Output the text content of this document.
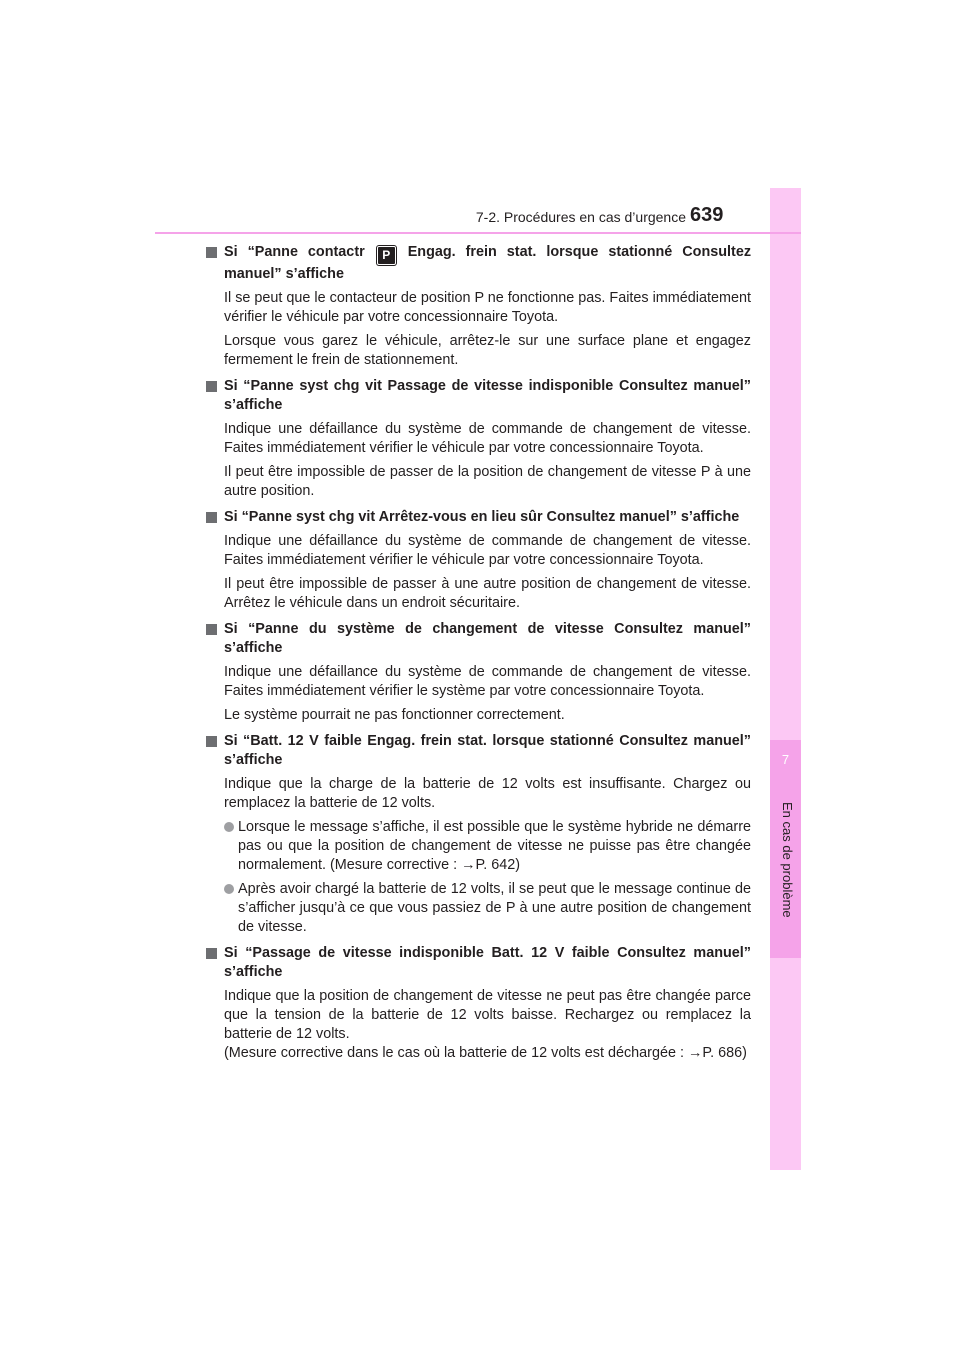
7
En cas de problème
7-2. Procédures en cas d’urgence 639
Si “Panne contactr P Engag. frein stat. lorsque stationné Consultez manuel” s’affiche
Il se peut que le contacteur de position P ne fonctionne pas. Faites immédiatement vérifier le véhicule par votre concessionnaire Toyota.
Lorsque vous garez le véhicule, arrêtez-le sur une surface plane et engagez fermement le frein de stationnement.
Si “Panne syst chg vit Passage de vitesse indisponible Consultez manuel” s’affiche
Indique une défaillance du système de commande de changement de vitesse. Faites immédiatement vérifier le véhicule par votre concessionnaire Toyota.
Il peut être impossible de passer de la position de changement de vitesse P à une autre position.
Si “Panne syst chg vit Arrêtez-vous en lieu sûr Consultez manuel” s’affiche
Indique une défaillance du système de commande de changement de vitesse. Faites immédiatement vérifier le véhicule par votre concessionnaire Toyota.
Il peut être impossible de passer à une autre position de changement de vitesse. Arrêtez le véhicule dans un endroit sécuritaire.
Si “Panne du système de changement de vitesse Consultez manuel” s’affiche
Indique une défaillance du système de commande de changement de vitesse. Faites immédiatement vérifier le système par votre concessionnaire Toyota.
Le système pourrait ne pas fonctionner correctement.
Si “Batt. 12 V faible Engag. frein stat. lorsque stationné Consultez manuel” s’affiche
Indique que la charge de la batterie de 12 volts est insuffisante. Chargez ou remplacez la batterie de 12 volts.
Lorsque le message s’affiche, il est possible que le système hybride ne démarre pas ou que la position de changement de vitesse ne puisse pas être changée normalement. (Mesure corrective : →P. 642)
Après avoir chargé la batterie de 12 volts, il se peut que le message continue de s’afficher jusqu’à ce que vous passiez de P à une autre position de changement de vitesse.
Si “Passage de vitesse indisponible Batt. 12 V faible Consultez manuel” s’affiche
Indique que la position de changement de vitesse ne peut pas être changée parce que la tension de la batterie de 12 volts baisse. Rechargez ou remplacez la batterie de 12 volts.
(Mesure corrective dans le cas où la batterie de 12 volts est déchargée : →P. 686)
